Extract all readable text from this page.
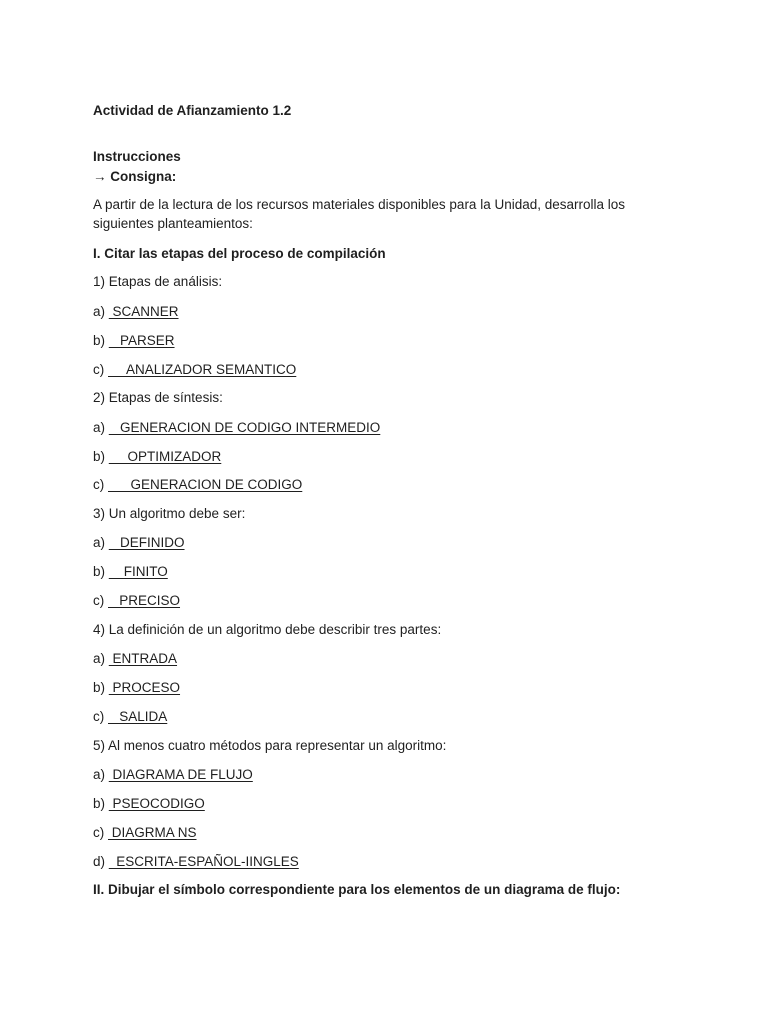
Actividad de Afianzamiento 1.2
Instrucciones
→ Consigna:
A partir de la lectura de los recursos materiales disponibles para la Unidad, desarrolla los
siguientes planteamientos:
I. Citar las etapas del proceso de compilación
1) Etapas de análisis:
a)  SCANNER
b)    PARSER
c)      ANALIZADOR SEMANTICO
2) Etapas de síntesis:
a)    GENERACION DE CODIGO INTERMEDIO
b)      OPTIMIZADOR
c)       GENERACION DE CODIGO
3) Un algoritmo debe ser:
a)    DEFINIDO
b)     FINITO
c)    PRECISO
4) La definición de un algoritmo debe describir tres partes:
a)  ENTRADA
b)  PROCESO
c)    SALIDA
5) Al menos cuatro métodos para representar un algoritmo:
a)  DIAGRAMA DE FLUJO
b)  PSEOCODIGO
c)  DIAGRMA NS
d)   ESCRITA-ESPAÑOL-IINGLES
II. Dibujar el símbolo correspondiente para los elementos de un diagrama de flujo:
